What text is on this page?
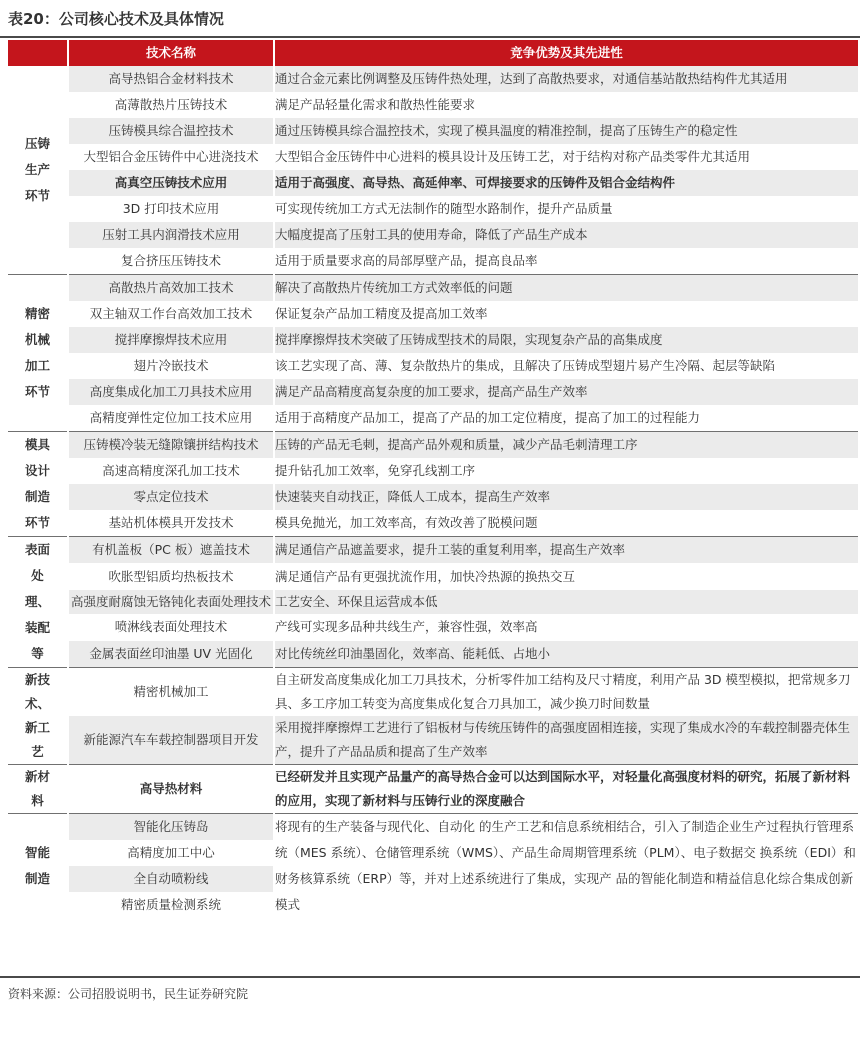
表20：公司核心技术及具体情况
	技术名称	竞争优势及其先进性
压铸
生产
环节	高导热铝合金材料技术	通过合金元素比例调整及压铸件热处理，达到了高散热要求，对通信基站散热结构件尤其适用
	高薄散热片压铸技术	满足产品轻量化需求和散热性能要求
	压铸模具综合温控技术	通过压铸模具综合温控技术，实现了模具温度的精准控制，提高了压铸生产的稳定性
	大型铝合金压铸件中心进浇技术	大型铝合金压铸件中心进料的模具设计及压铸工艺，对于结构对称产品类零件尤其适用
	高真空压铸技术应用	适用于高强度、高导热、高延伸率、可焊接要求的压铸件及铝合金结构件
	3D 打印技术应用	可实现传统加工方式无法制作的随型水路制作，提升产品质量
	压射工具内润滑技术应用	大幅度提高了压射工具的使用寿命，降低了产品生产成本
	复合挤压压铸技术	适用于质量要求高的局部厚壁产品，提高良品率
精密
机械
加工
环节	高散热片高效加工技术	解决了高散热片传统加工方式效率低的问题
	双主轴双工作台高效加工技术	保证复杂产品加工精度及提高加工效率
	搅拌摩擦焊技术应用	搅拌摩擦焊技术突破了压铸成型技术的局限，实现复杂产品的高集成度
	翅片冷嵌技术	该工艺实现了高、薄、复杂散热片的集成，且解决了压铸成型翅片易产生冷隔、起层等缺陷
	高度集成化加工刀具技术应用	满足产品高精度高复杂度的加工要求，提高产品生产效率
	高精度弹性定位加工技术应用	适用于高精度产品加工，提高了产品的加工定位精度，提高了加工的过程能力
模具
设计
制造
环节	压铸模冷装无缝隙镶拼结构技术	压铸的产品无毛刺，提高产品外观和质量，减少产品毛刺清理工序
	高速高精度深孔加工技术	提升钻孔加工效率，免穿孔线割工序
	零点定位技术	快速装夹自动找正，降低人工成本，提高生产效率
	基站机体模具开发技术	模具免抛光，加工效率高，有效改善了脱模问题
表面
处
理、
装配
等	有机盖板（PC 板）遮盖技术	满足通信产品遮盖要求，提升工装的重复利用率，提高生产效率
	吹胀型铝质均热板技术	满足通信产品有更强扰流作用，加快冷热源的换热交互
	高强度耐腐蚀无铬钝化表面处理技术	工艺安全、环保且运营成本低
	喷淋线表面处理技术	产线可实现多品种共线生产，兼容性强，效率高
	金属表面丝印油墨 UV 光固化	对比传统丝印油墨固化，效率高、能耗低、占地小
新技
术、
新工
艺	精密机械加工	自主研发高度集成化加工刀具技术，分析零件加工结构及尺寸精度，利用产品 3D 模型模拟，把常规多刀具、多工序加工转变为高度集成化复合刀具加工，减少换刀时间数量
	新能源汽车车载控制器项目开发	采用搅拌摩擦焊工艺进行了铝板材与传统压铸件的高强度固相连接，实现了集成水冷的车载控制器壳体生产，提升了产品品质和提高了生产效率
新材
料	高导热材料	已经研发并且实现产品量产的高导热合金可以达到国际水平，对轻量化高强度材料的研究，拓展了新材料的应用，实现了新材料与压铸行业的深度融合
智能
制造	智能化压铸岛	将现有的生产装备与现代化、自动化 的生产工艺和信息系统相结合，引入了制造企业生产过程执行管理系统（MES 系统）、仓储管理系统（WMS）、产品生命周期管理系统（PLM）、电子数据交 换系统（EDI）和财务核算系统（ERP）等，并对上述系统进行了集成，实现产 品的智能化制造和精益信息化综合集成创新模式
	高精度加工中心	
	全自动喷粉线	
	精密质量检测系统	
资料来源：公司招股说明书，民生证券研究院
